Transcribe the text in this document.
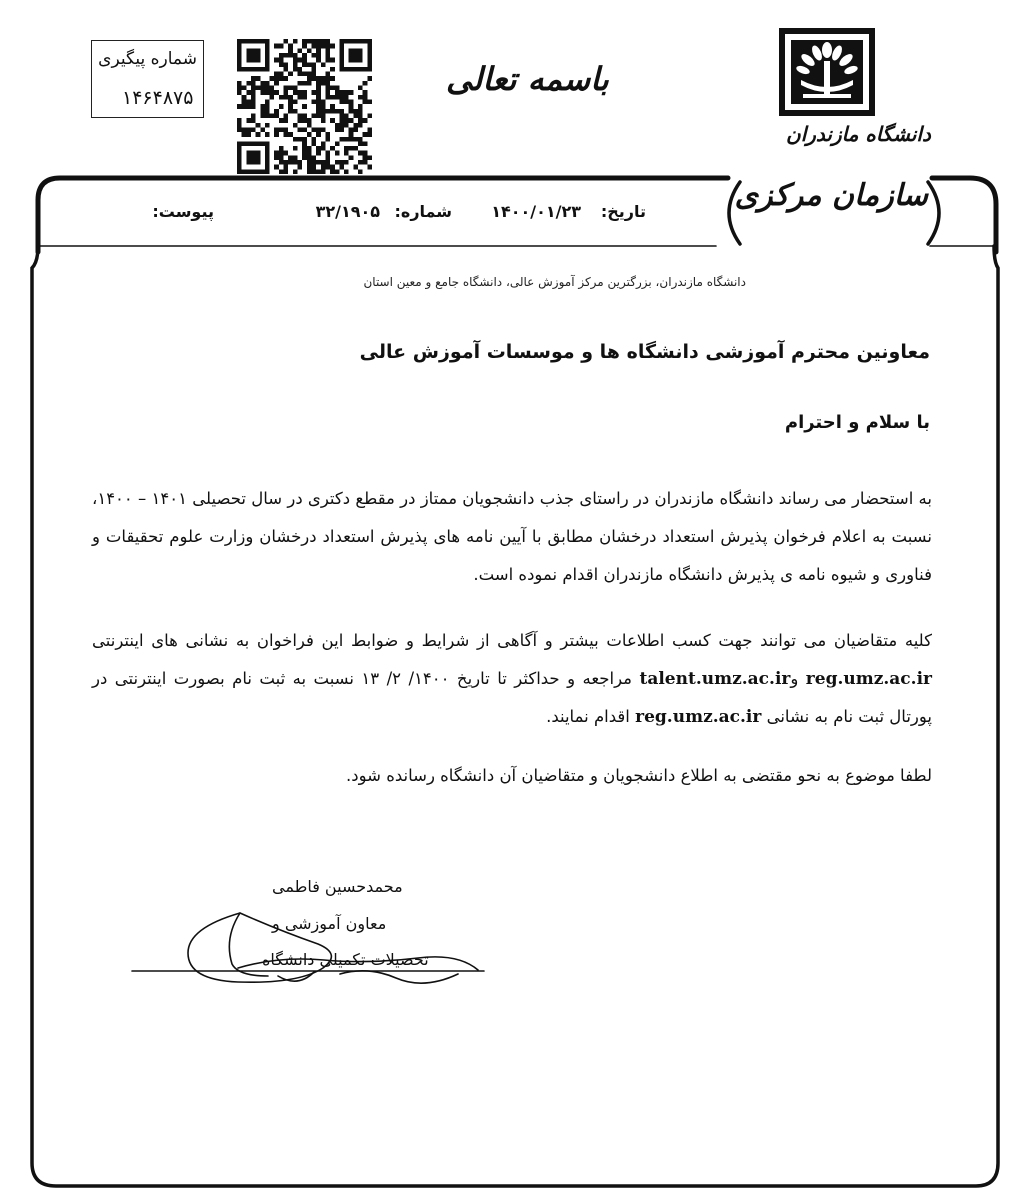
شماره پیگیری
۱۴۶۴۸۷۵	باسمه تعالی
دانشگاه مازندران
سازمان مرکزی
تاریخ:
۱۴۰۰/۰۱/۲۳
شماره:
۳۲/۱۹۰۵
پیوست:
دانشگاه مازندران، بزرگترین مرکز آموزش عالی، دانشگاه جامع و معین استان
معاونین محترم آموزشی دانشگاه ها و موسسات آموزش عالی
با سلام و احترام
به استحضار می رساند دانشگاه مازندران در راستای جذب دانشجویان ممتاز در مقطع دکتری در سال تحصیلی ۱۴۰۱ – ۱۴۰۰، نسبت به اعلام فرخوان پذیرش استعداد درخشان مطابق با آیین نامه های پذیرش استعداد درخشان وزارت علوم تحقیقات و فناوری و شیوه نامه ی پذیرش دانشگاه مازندران اقدام نموده است.
کلیه متقاضیان می توانند جهت کسب اطلاعات بیشتر و آگاهی از شرایط و ضوابط این فراخوان به نشانی های اینترنتی reg.umz.ac.ir وtalent.umz.ac.ir مراجعه و حداکثر تا تاریخ ۱۴۰۰/ ۲/ ۱۳ نسبت به ثبت نام بصورت اینترنتی در پورتال ثبت نام به نشانی reg.umz.ac.ir اقدام نمایند.
لطفا موضوع به نحو مقتضی به اطلاع دانشجویان و متقاضیان آن دانشگاه رسانده شود.
محمدحسین فاطمی
معاون آموزشی و
تحصیلات تکمیلی دانشگاه
